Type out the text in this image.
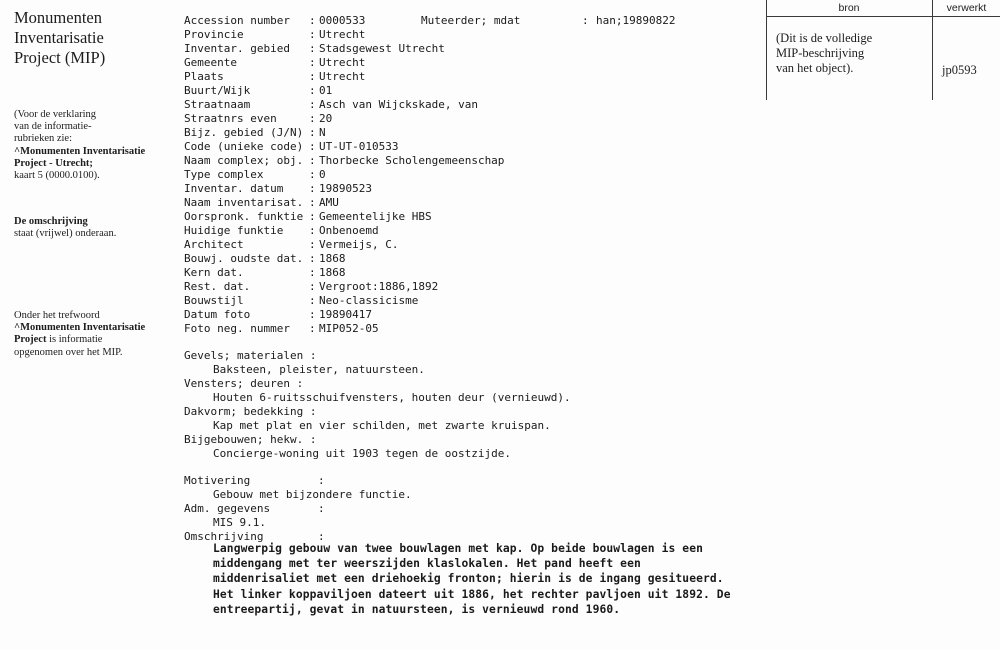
Monumenten
Inventarisatie
Project (MIP)
(Voor de verklaring
van de informatie-
rubrieken zie:
^Monumenten Inventarisatie
Project - Utrecht;
kaart 5 (0000.0100).
De omschrijving
staat (vrijwel) onderaan.
Onder het trefwoord
^Monumenten Inventarisatie
Project is informatie
opgenomen over het MIP.
bron	verwerkt
(Dit is de volledige
MIP-beschrijving
van het object).	jp0593
Accession number : 0000533	Muteerder; mdat	: han;19890822
Provincie	: Utrecht
Inventar. gebied : Stadsgewest Utrecht
Gemeente	: Utrecht
Plaats	: Utrecht
Buurt/Wijk	: 01
Straatnaam	: Asch van Wijckskade, van
Straatnrs even	: 20
Bijz. gebied (J/N) : N
Code (unieke code) : UT-UT-010533
Naam complex; obj. : Thorbecke Scholengemeenschap
Type complex	: 0
Inventar. datum : 19890523
Naam inventarisat. : AMU
Oorspronk. funktie : Gemeentelijke HBS
Huidige funktie : Onbenoemd
Architect	: Vermeijs, C.
Bouwj. oudste dat. : 1868
Kern dat.	: 1868
Rest. dat.	: Vergroot:1886,1892
Bouwstijl	: Neo-classicisme
Datum foto	: 19890417
Foto neg. nummer : MIP052-05
Gevels; materialen :
Baksteen, pleister, natuursteen.
Vensters; deuren :
Houten 6-ruitsschuifvensters, houten deur (vernieuwd).
Dakvorm; bedekking :
Kap met plat en vier schilden, met zwarte kruispan.
Bijgebouwen; hekw. :
Concierge-woning uit 1903 tegen de oostzijde.
Motivering	:
Gebouw met bijzondere functie.
Adm. gegevens	:
MIS 9.1.
Omschrijving	:
Langwerpig gebouw van twee bouwlagen met kap. Op beide bouwlagen is een
middengang met ter weerszijden klaslokalen. Het pand heeft een
middenrisaliet met een driehoekig fronton; hierin is de ingang gesitueerd.
Het linker koppaviljoen dateert uit 1886, het rechter pavljoen uit 1892. De
entreepartij, gevat in natuursteen, is vernieuwd rond 1960.
